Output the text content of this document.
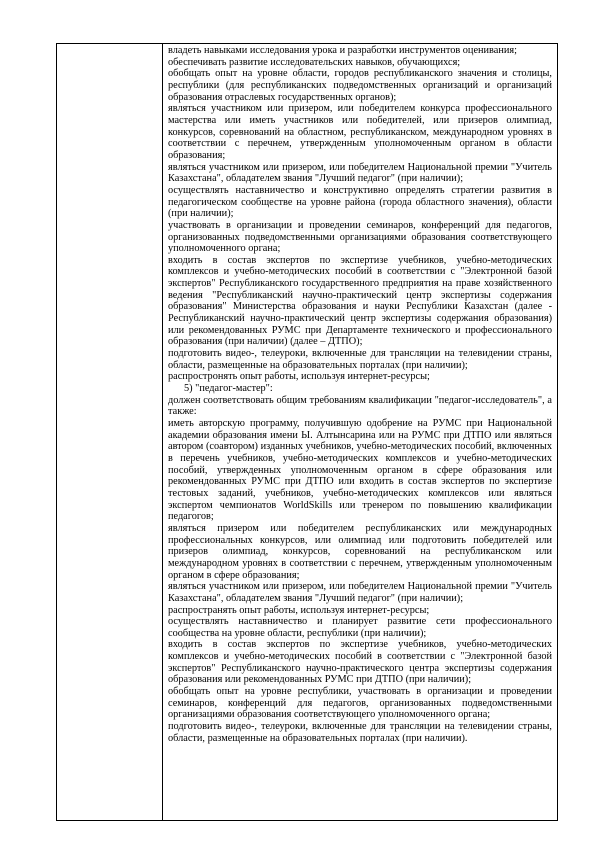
владеть навыками исследования урока и разработки инструментов оценивания;

обеспечивать развитие исследовательских навыков, обучающихся;

обобщать опыт на уровне области, городов республиканского значения и столицы, республики (для республиканских подведомственных организаций и организаций образования отраслевых государственных органов);

являться участником или призером, или победителем конкурса профессионального мастерства или иметь участников или победителей, или призеров олимпиад, конкурсов, соревнований на областном, республиканском, международном уровнях в соответствии с перечнем, утвержденным уполномоченным органом в области образования;

являться участником или призером, или победителем Национальной премии "Учитель Казахстана", обладателем звания "Лучший педагог" (при наличии);

осуществлять наставничество и конструктивно определять стратегии развития в педагогическом сообществе на уровне района (города областного значения), области (при наличии);

участвовать в организации и проведении семинаров, конференций для педагогов, организованных подведомственными организациями образования соответствующего уполномоченного органа;

входить в состав экспертов по экспертизе учебников, учебно-методических комплексов и учебно-методических пособий в соответствии с "Электронной базой экспертов" Республиканского государственного предприятия на праве хозяйственного ведения "Республиканский научно-практический центр экспертизы содержания образования" Министерства образования и науки Республики Казахстан (далее - Республиканский научно-практический центр экспертизы содержания образования) или рекомендованных РУМС при Департаменте технического и профессионального образования (при наличии) (далее – ДТПО);

подготовить видео-, телеуроки, включенные для трансляции на телевидении страны, области, размещенные на образовательных порталах (при наличии);

распростронять опыт работы, используя интернет-ресурсы;

5) "педагог-мастер":

должен соответствовать общим требованиям квалификации "педагог-исследователь", а также:

иметь авторскую программу, получившую одобрение на РУМС при Национальной академии образования имени Ы. Алтынсарина или на РУМС при ДТПО или являться автором (соавтором) изданных учебников, учебно-методических пособий, включенных в перечень учебников, учебно-методических комплексов и учебно-методических пособий, утвержденных уполномоченным органом в сфере образования или рекомендованных РУМС при ДТПО или входить в состав экспертов по экспертизе тестовых заданий, учебников, учебно-методических комплексов или являться экспертом чемпионатов WorldSkills или тренером по повышению квалификации педагогов;

являться призером или победителем республиканских или международных профессиональных конкурсов, или олимпиад или подготовить победителей или призеров олимпиад, конкурсов, соревнований на республиканском или международном уровнях в соответствии с перечнем, утвержденным уполномоченным органом в сфере образования;

являться участником или призером, или победителем Национальной премии "Учитель Казахстана", обладателем звания "Лучший педагог" (при наличии);

распространять опыт работы, используя интернет-ресурсы;

осуществлять наставничество и планирует развитие сети профессионального сообщества на уровне области, республики (при наличии);

входить в состав экспертов по экспертизе учебников, учебно-методических комплексов и учебно-методических пособий в соответствии с "Электронной базой экспертов" Республиканского научно-практического центра экспертизы содержания образования или рекомендованных РУМС при ДТПО (при наличии);

обобщать опыт на уровне республики, участвовать в организации и проведении семинаров, конференций для педагогов, организованных подведомственными организациями образования соответствующего уполномоченного органа;

подготовить видео-, телеуроки, включенные для трансляции на телевидении страны, области, размещенные на образовательных порталах (при наличии).
